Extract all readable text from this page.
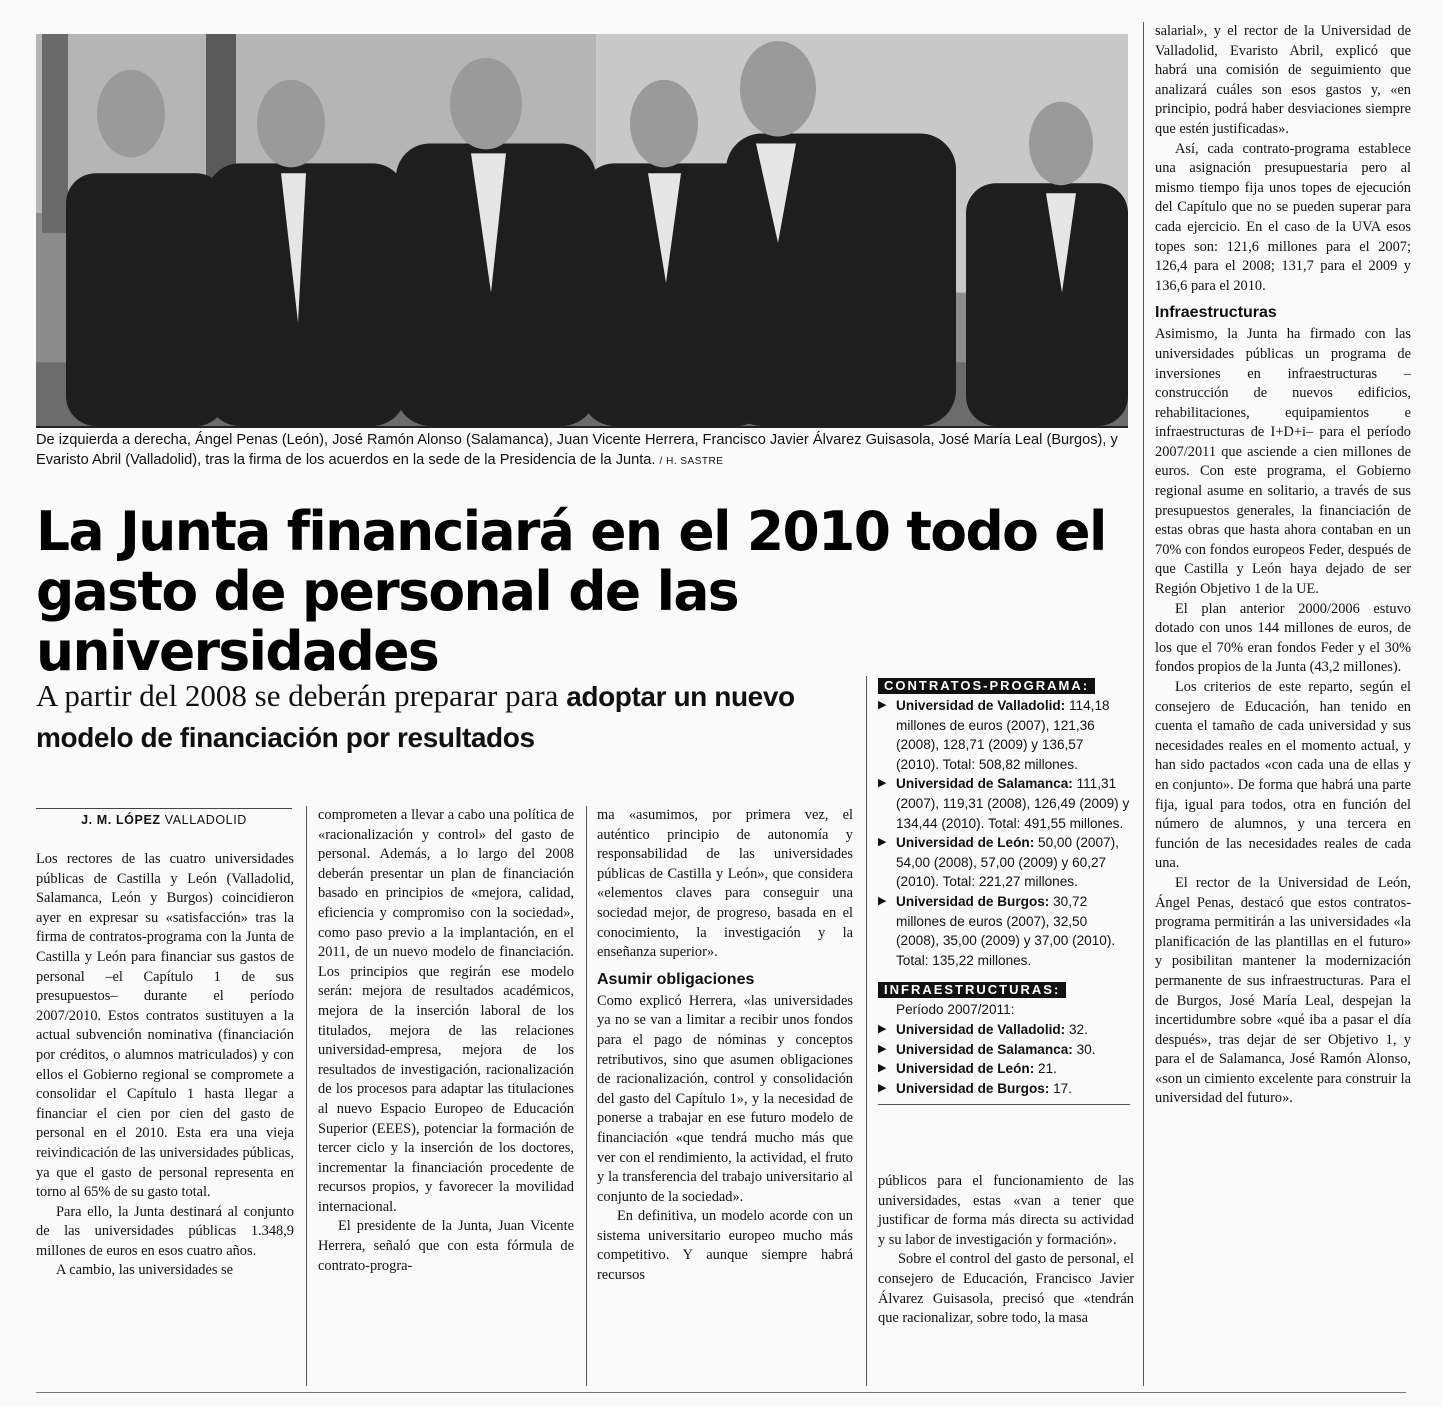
De izquierda a derecha, Ángel Penas (León), José Ramón Alonso (Salamanca), Juan Vicente Herrera, Francisco Javier Álvarez Guisasola, José María Leal (Burgos), y Evaristo Abril (Valladolid), tras la firma de los acuerdos en la sede de la Presidencia de la Junta. / H. SASTRE
La Junta financiará en el 2010 todo el gasto de personal de las universidades
A partir del 2008 se deberán preparar para adoptar un nuevo modelo de financiación por resultados
J. M. LÓPEZ VALLADOLID

Los rectores de las cuatro universidades públicas de Castilla y León (Valladolid, Salamanca, León y Burgos) coincidieron ayer en expresar su «satisfacción» tras la firma de contratos-programa con la Junta de Castilla y León para financiar sus gastos de personal –el Capítulo 1 de sus presupuestos– durante el período 2007/2010. Estos contratos sustituyen a la actual subvención nominativa (financiación por créditos, o alumnos matriculados) y con ellos el Gobierno regional se compromete a consolidar el Capítulo 1 hasta llegar a financiar el cien por cien del gasto de personal en el 2010. Esta era una vieja reivindicación de las universidades públicas, ya que el gasto de personal representa en torno al 65% de su gasto total.

Para ello, la Junta destinará al conjunto de las universidades públicas 1.348,9 millones de euros en esos cuatro años.

A cambio, las universidades se

comprometen a llevar a cabo una política de «racionalización y control» del gasto de personal. Además, a lo largo del 2008 deberán presentar un plan de financiación basado en principios de «mejora, calidad, eficiencia y compromiso con la sociedad», como paso previo a la implantación, en el 2011, de un nuevo modelo de financiación. Los principios que regirán ese modelo serán: mejora de resultados académicos, mejora de la inserción laboral de los titulados, mejora de las relaciones universidad-empresa, mejora de los resultados de investigación, racionalización de los procesos para adaptar las titulaciones al nuevo Espacio Europeo de Educación Superior (EEES), potenciar la formación de tercer ciclo y la inserción de los doctores, incrementar la financiación procedente de recursos propios, y favorecer la movilidad internacional.

El presidente de la Junta, Juan Vicente Herrera, señaló que con esta fórmula de contrato-progra-

ma «asumimos, por primera vez, el auténtico principio de autonomía y responsabilidad de las universidades públicas de Castilla y León», que considera «elementos claves para conseguir una sociedad mejor, de progreso, basada en el conocimiento, la investigación y la enseñanza superior».

Asumir obligaciones

Como explicó Herrera, «las universidades ya no se van a limitar a recibir unos fondos para el pago de nóminas y conceptos retributivos, sino que asumen obligaciones de racionalización, control y consolidación del gasto del Capítulo 1», y la necesidad de ponerse a trabajar en ese futuro modelo de financiación «que tendrá mucho más que ver con el rendimiento, la actividad, el fruto y la transferencia del trabajo universitario al conjunto de la sociedad».

En definitiva, un modelo acorde con un sistema universitario europeo mucho más competitivo. Y aunque siempre habrá recursos

CONTRATOS-PROGRAMA:
▶ Universidad de Valladolid: 114,18 millones de euros (2007), 121,36 (2008), 128,71 (2009) y 136,57 (2010). Total: 508,82 millones.
▶ Universidad de Salamanca: 111,31 (2007), 119,31 (2008), 126,49 (2009) y 134,44 (2010). Total: 491,55 millones.
▶ Universidad de León: 50,00 (2007), 54,00 (2008), 57,00 (2009) y 60,27 (2010). Total: 221,27 millones.
▶ Universidad de Burgos: 30,72 millones de euros (2007), 32,50 (2008), 35,00 (2009) y 37,00 (2010). Total: 135,22 millones.
INFRAESTRUCTURAS:
Período 2007/2011:
▶ Universidad de Valladolid: 32.
▶ Universidad de Salamanca: 30.
▶ Universidad de León: 21.
▶ Universidad de Burgos: 17.

públicos para el funcionamiento de las universidades, estas «van a tener que justificar de forma más directa su actividad y su labor de investigación y formación».

Sobre el control del gasto de personal, el consejero de Educación, Francisco Javier Álvarez Guisasola, precisó que «tendrán que racionalizar, sobre todo, la masa

salarial», y el rector de la Universidad de Valladolid, Evaristo Abril, explicó que habrá una comisión de seguimiento que analizará cuáles son esos gastos y, «en principio, podrá haber desviaciones siempre que estén justificadas».

Así, cada contrato-programa establece una asignación presupuestaria pero al mismo tiempo fija unos topes de ejecución del Capítulo que no se pueden superar para cada ejercicio. En el caso de la UVA esos topes son: 121,6 millones para el 2007; 126,4 para el 2008; 131,7 para el 2009 y 136,6 para el 2010.

Infraestructuras

Asimismo, la Junta ha firmado con las universidades públicas un programa de inversiones en infraestructuras –construcción de nuevos edificios, rehabilitaciones, equipamientos e infraestructuras de I+D+i– para el período 2007/2011 que asciende a cien millones de euros. Con este programa, el Gobierno regional asume en solitario, a través de sus presupuestos generales, la financiación de estas obras que hasta ahora contaban en un 70% con fondos europeos Feder, después de que Castilla y León haya dejado de ser Región Objetivo 1 de la UE.

El plan anterior 2000/2006 estuvo dotado con unos 144 millones de euros, de los que el 70% eran fondos Feder y el 30% fondos propios de la Junta (43,2 millones).

Los criterios de este reparto, según el consejero de Educación, han tenido en cuenta el tamaño de cada universidad y sus necesidades reales en el momento actual, y han sido pactados «con cada una de ellas y en conjunto». De forma que habrá una parte fija, igual para todos, otra en función del número de alumnos, y una tercera en función de las necesidades reales de cada una.

El rector de la Universidad de León, Ángel Penas, destacó que estos contratos-programa permitirán a las universidades «la planificación de las plantillas en el futuro» y posibilitan mantener la modernización permanente de sus infraestructuras. Para el de Burgos, José María Leal, despejan la incertidumbre sobre «qué iba a pasar el día después», tras dejar de ser Objetivo 1, y para el de Salamanca, José Ramón Alonso, «son un cimiento excelente para construir la universidad del futuro».
